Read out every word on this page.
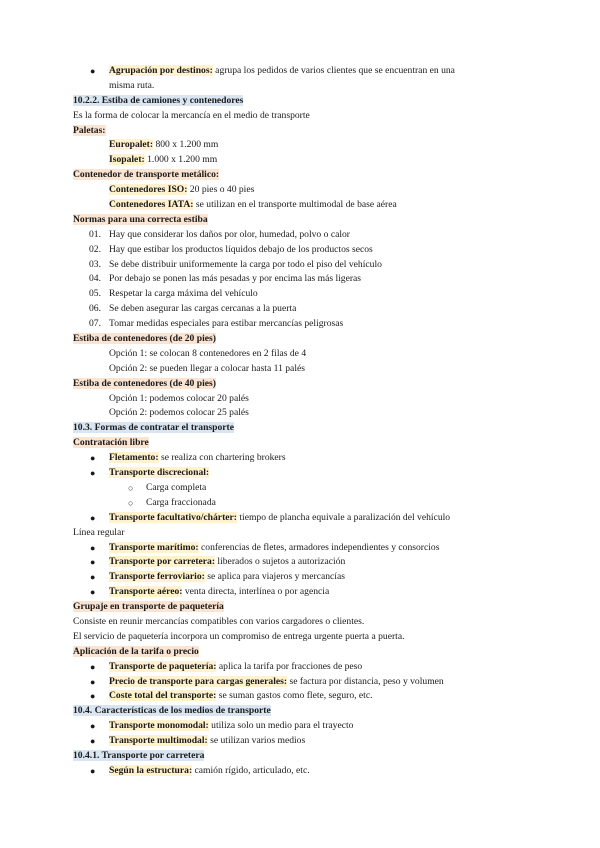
● Agrupación por destinos: agrupa los pedidos de varios clientes que se encuentran en una
misma ruta.
10.2.2. Estiba de camiones y contenedores
Es la forma de colocar la mercancía en el medio de transporte
Paletas:
Europalet: 800 x 1.200 mm
Isopalet: 1.000 x 1.200 mm
Contenedor de transporte metálico:
Contenedores ISO: 20 pies o 40 pies
Contenedores IATA: se utilizan en el transporte multimodal de base aérea
Normas para una correcta estiba
01. Hay que considerar los daños por olor, humedad, polvo o calor
02. Hay que estibar los productos líquidos debajo de los productos secos
03. Se debe distribuir uniformemente la carga por todo el piso del vehículo
04. Por debajo se ponen las más pesadas y por encima las más ligeras
05. Respetar la carga máxima del vehículo
06. Se deben asegurar las cargas cercanas a la puerta
07. Tomar medidas especiales para estibar mercancías peligrosas
Estiba de contenedores (de 20 pies)
Opción 1: se colocan 8 contenedores en 2 filas de 4
Opción 2: se pueden llegar a colocar hasta 11 palés
Estiba de contenedores (de 40 pies)
Opción 1: podemos colocar 20 palés
Opción 2: podemos colocar 25 palés
10.3. Formas de contratar el transporte
Contratación libre
● Fletamento: se realiza con chartering brokers
● Transporte discrecional:
○ Carga completa
○ Carga fraccionada
● Transporte facultativo/chárter: tiempo de plancha equivale a paralización del vehículo
Línea regular
● Transporte marítimo: conferencias de fletes, armadores independientes y consorcios
● Transporte por carretera: liberados o sujetos a autorización
● Transporte ferroviario: se aplica para viajeros y mercancías
● Transporte aéreo: venta directa, interlínea o por agencia
Grupaje en transporte de paquetería
Consiste en reunir mercancías compatibles con varios cargadores o clientes.
El servicio de paquetería incorpora un compromiso de entrega urgente puerta a puerta.
Aplicación de la tarifa o precio
● Transporte de paquetería: aplica la tarifa por fracciones de peso
● Precio de transporte para cargas generales: se factura por distancia, peso y volumen
● Coste total del transporte: se suman gastos como flete, seguro, etc.
10.4. Características de los medios de transporte
● Transporte monomodal: utiliza solo un medio para el trayecto
● Transporte multimodal: se utilizan varios medios
10.4.1. Transporte por carretera
● Según la estructura: camión rígido, articulado, etc.
